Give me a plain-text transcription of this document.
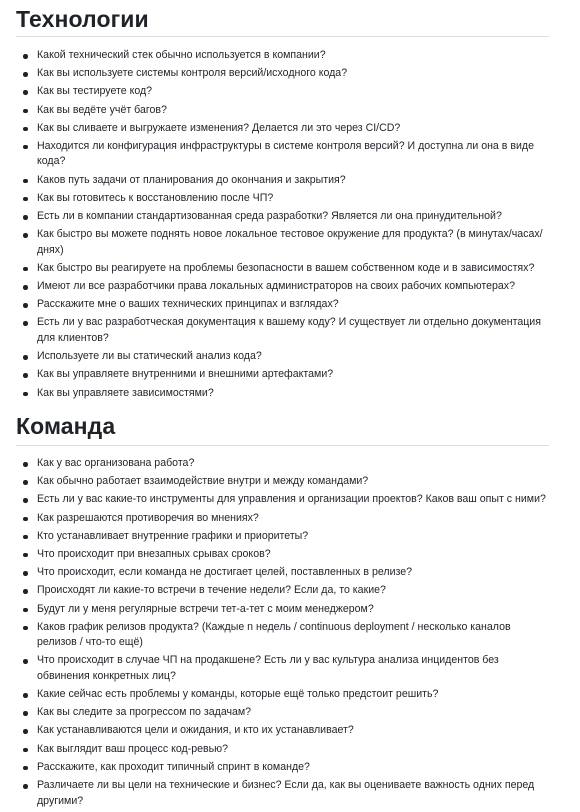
Технологии
Какой технический стек обычно используется в компании?
Как вы используете системы контроля версий/исходного кода?
Как вы тестируете код?
Как вы ведёте учёт багов?
Как вы сливаете и выгружаете изменения? Делается ли это через CI/CD?
Находится ли конфигурация инфраструктуры в системе контроля версий? И доступна ли она в виде кода?
Каков путь задачи от планирования до окончания и закрытия?
Как вы готовитесь к восстановлению после ЧП?
Есть ли в компании стандартизованная среда разработки? Является ли она принудительной?
Как быстро вы можете поднять новое локальное тестовое окружение для продукта? (в минутах/часах/днях)
Как быстро вы реагируете на проблемы безопасности в вашем собственном коде и в зависимостях?
Имеют ли все разработчики права локальных администраторов на своих рабочих компьютерах?
Расскажите мне о ваших технических принципах и взглядах?
Есть ли у вас разработческая документация к вашему коду? И существует ли отдельно документация для клиентов?
Используете ли вы статический анализ кода?
Как вы управляете внутренними и внешними артефактами?
Как вы управляете зависимостями?
Команда
Как у вас организована работа?
Как обычно работает взаимодействие внутри и между командами?
Есть ли у вас какие-то инструменты для управления и организации проектов? Каков ваш опыт с ними?
Как разрешаются противоречия во мнениях?
Кто устанавливает внутренние графики и приоритеты?
Что происходит при внезапных срывах сроков?
Что происходит, если команда не достигает целей, поставленных в релизе?
Происходят ли какие-то встречи в течение недели? Если да, то какие?
Будут ли у меня регулярные встречи тет-а-тет с моим менеджером?
Каков график релизов продукта? (Каждые n недель / continuous deployment / несколько каналов релизов / что-то ещё)
Что происходит в случае ЧП на продакшене? Есть ли у вас культура анализа инцидентов без обвинения конкретных лиц?
Какие сейчас есть проблемы у команды, которые ещё только предстоит решить?
Как вы следите за прогрессом по задачам?
Как устанавливаются цели и ожидания, и кто их устанавливает?
Как выглядит ваш процесс код-ревью?
Расскажите, как проходит типичный спринт в команде?
Различаете ли вы цели на технические и бизнес? Если да, как вы оцениваете важность одних перед другими?
